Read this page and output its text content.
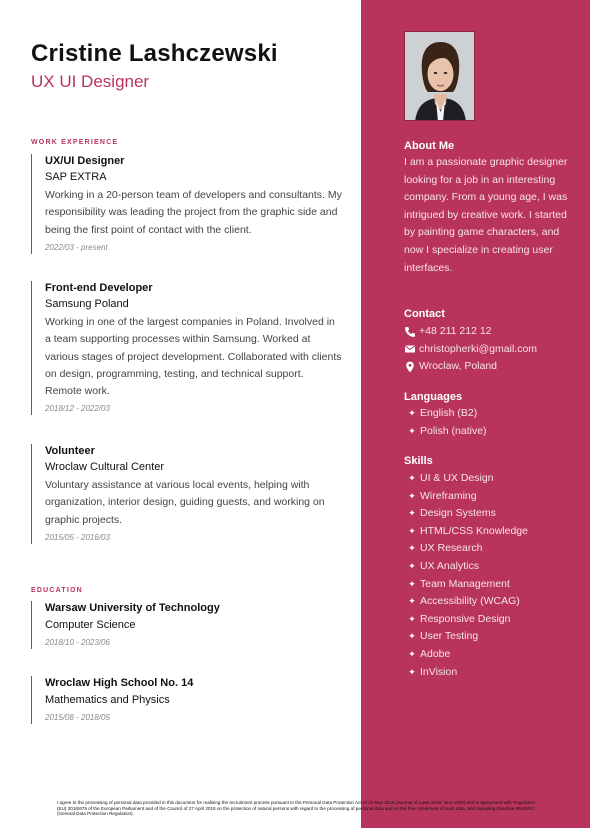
Cristine Lashczewski
UX UI Designer
WORK EXPERIENCE
UX/UI Designer
SAP EXTRA
Working in a 20-person team of developers and consultants. My responsibility was leading the project from the graphic side and being the first point of contact with the client.
2022/03 - present
Front-end Developer
Samsung Poland
Working in one of the largest companies in Poland. Involved in a team supporting processes within Samsung. Worked at various stages of project development. Collaborated with clients on design, programming, testing, and technical support. Remote work.
2018/12 - 2022/03
Volunteer
Wroclaw Cultural Center
Voluntary assistance at various local events, helping with organization, interior design, guiding guests, and working on graphic projects.
2015/05 - 2016/03
EDUCATION
Warsaw University of Technology
Computer Science
2018/10 - 2023/06
Wroclaw High School No. 14
Mathematics and Physics
2015/08 - 2018/05
About Me
I am a passionate graphic designer looking for a job in an interesting company. From a young age, I was intrigued by creative work. I started by painting game characters, and now I specialize in creating user interfaces.
Contact
+48 211 212 12
christopherki@gmail.com
Wroclaw, Poland
Languages
✦ English (B2)
✦ Polish (native)
Skills
✦ UI & UX Design
✦ Wireframing
✦ Design Systems
✦ HTML/CSS Knowledge
✦ UX Research
✦ UX Analytics
✦ Team Management
✦ Accessibility (WCAG)
✦ Responsive Design
✦ User Testing
✦ Adobe
✦ InVision
I agree to the processing of personal data provided in this document for realising the recruitment process pursuant to the Personal Data Protection Act of 10 May 2018 (Journal of Laws 2018, item 1000) and in agreement with Regulation (EU) 2016/679 of the European Parliament and of the Council of 27 April 2016 on the protection of natural persons with regard to the processing of personal data and on the free movement of such data, and repealing Directive 95/46/EC (General Data Protection Regulation).
